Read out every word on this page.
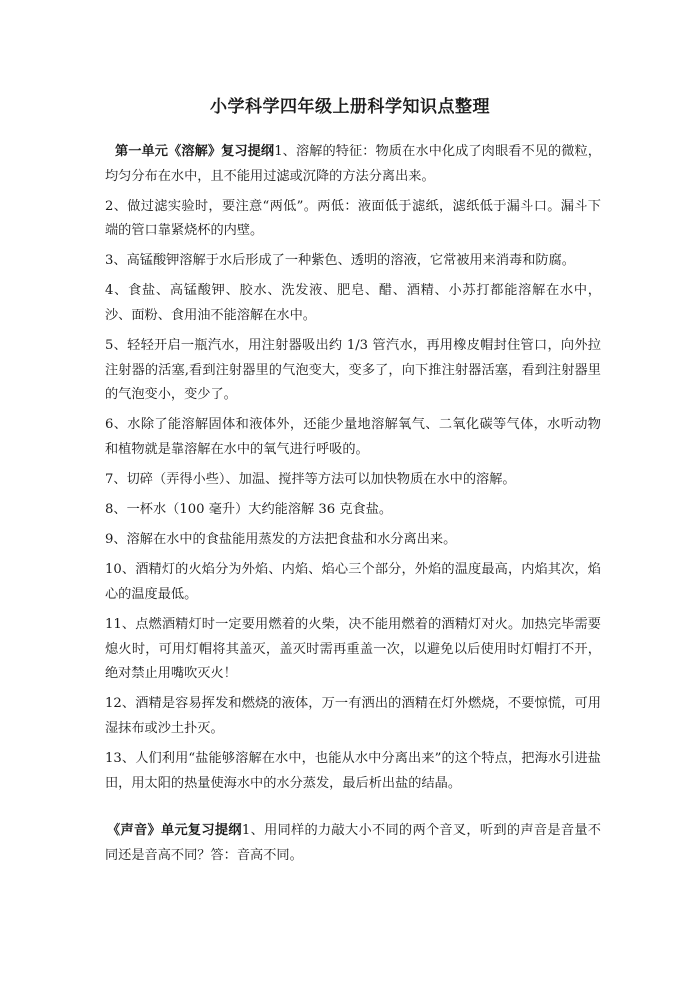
小学科学四年级上册科学知识点整理

第一单元《溶解》复习提纲1、溶解的特征：物质在水中化成了肉眼看不见的微粒，均匀分布在水中，且不能用过滤或沉降的方法分离出来。

2、做过滤实验时，要注意“两低”。两低：液面低于滤纸，滤纸低于漏斗口。漏斗下端的管口靠紧烧杯的内壁。

3、高锰酸钾溶解于水后形成了一种紫色、透明的溶液，它常被用来消毒和防腐。

4、食盐、高锰酸钾、胶水、洗发液、肥皂、醋、酒精、小苏打都能溶解在水中，沙、面粉、食用油不能溶解在水中。

5、轻轻开启一瓶汽水，用注射器吸出约 1/3 管汽水，再用橡皮帽封住管口，向外拉注射器的活塞,看到注射器里的气泡变大，变多了，向下推注射器活塞，看到注射器里的气泡变小，变少了。

6、水除了能溶解固体和液体外，还能少量地溶解氧气、二氧化碳等气体，水听动物和植物就是靠溶解在水中的氧气进行呼吸的。

7、切碎（弄得小些）、加温、搅拌等方法可以加快物质在水中的溶解。

8、一杯水（100 毫升）大约能溶解 36 克食盐。

9、溶解在水中的食盐能用蒸发的方法把食盐和水分离出来。

10、酒精灯的火焰分为外焰、内焰、焰心三个部分，外焰的温度最高，内焰其次，焰心的温度最低。

11、点燃酒精灯时一定要用燃着的火柴，决不能用燃着的酒精灯对火。加热完毕需要熄火时，可用灯帽将其盖灭，盖灭时需再重盖一次，以避免以后使用时灯帽打不开，绝对禁止用嘴吹灭火！

12、酒精是容易挥发和燃烧的液体，万一有洒出的酒精在灯外燃烧，不要惊慌，可用湿抹布或沙土扑灭。

13、人们利用“盐能够溶解在水中，也能从水中分离出来”的这个特点，把海水引进盐田，用太阳的热量使海水中的水分蒸发，最后析出盐的结晶。

《声音》单元复习提纲1、用同样的力敲大小不同的两个音叉，听到的声音是音量不同还是音高不同？答：音高不同。
